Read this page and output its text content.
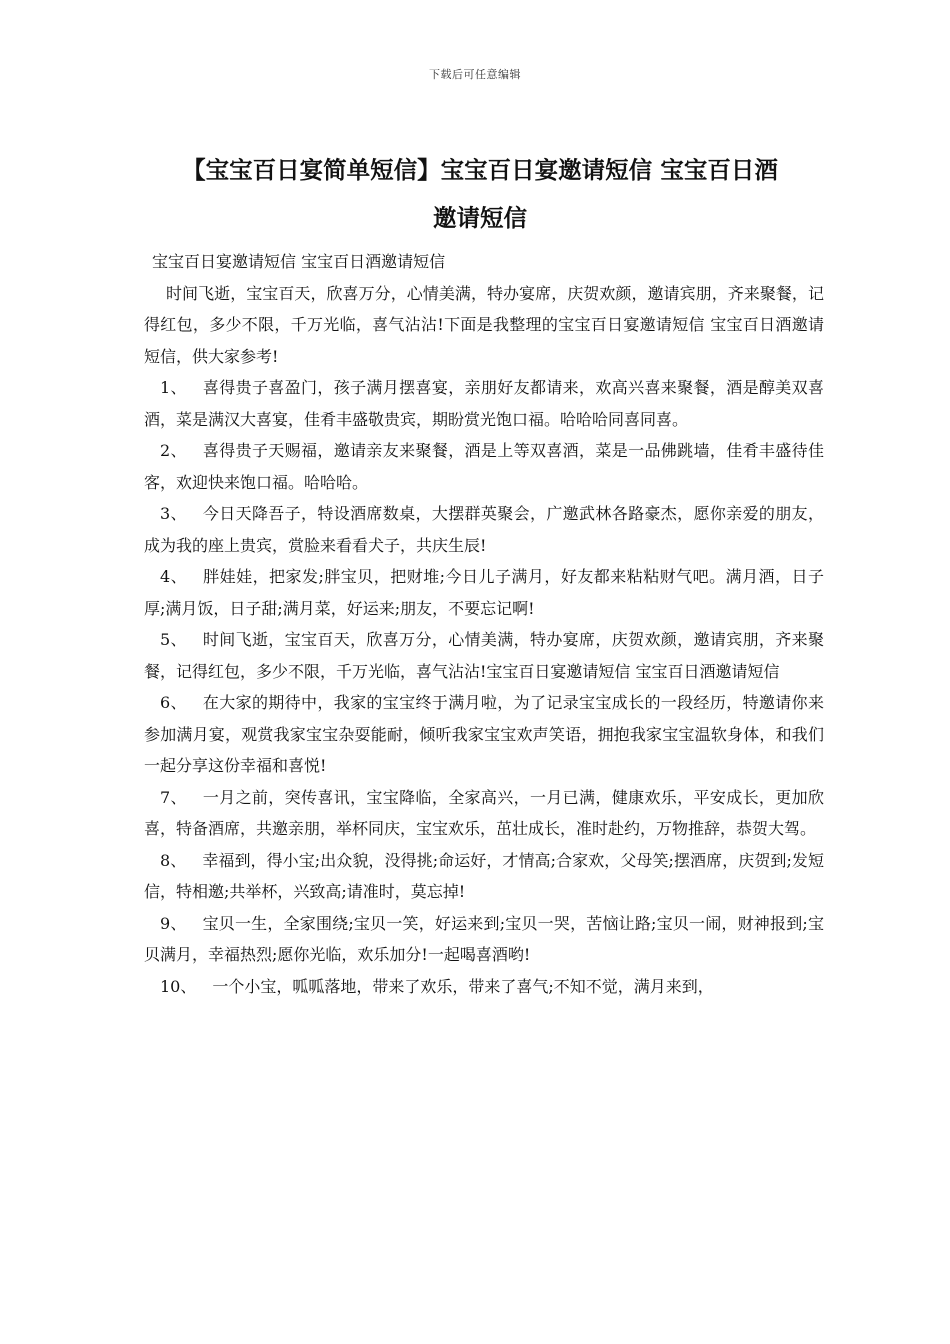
下载后可任意编辑
【宝宝百日宴简单短信】宝宝百日宴邀请短信 宝宝百日酒
邀请短信

宝宝百日宴邀请短信 宝宝百日酒邀请短信

时间飞逝，宝宝百天，欣喜万分，心情美满，特办宴席，庆贺欢颜，邀请宾朋，齐来聚餐，记得红包，多少不限，千万光临，喜气沾沾!下面是我整理的宝宝百日宴邀请短信 宝宝百日酒邀请短信，供大家参考!

1、 喜得贵子喜盈门，孩子满月摆喜宴，亲朋好友都请来，欢高兴喜来聚餐，酒是醇美双喜酒，菜是满汉大喜宴，佳肴丰盛敬贵宾，期盼赏光饱口福。哈哈哈同喜同喜。

2、 喜得贵子天赐福，邀请亲友来聚餐，酒是上等双喜酒，菜是一品佛跳墙，佳肴丰盛待佳客，欢迎快来饱口福。哈哈哈。

3、 今日天降吾子，特设酒席数桌，大摆群英聚会，广邀武林各路豪杰，愿你亲爱的朋友，成为我的座上贵宾，赏脸来看看犬子，共庆生辰!

4、 胖娃娃，把家发;胖宝贝，把财堆;今日儿子满月，好友都来粘粘财气吧。满月酒，日子厚;满月饭，日子甜;满月菜，好运来;朋友，不要忘记啊!

5、 时间飞逝，宝宝百天，欣喜万分，心情美满，特办宴席，庆贺欢颜，邀请宾朋，齐来聚餐，记得红包，多少不限，千万光临，喜气沾沾!宝宝百日宴邀请短信 宝宝百日酒邀请短信

6、 在大家的期待中，我家的宝宝终于满月啦，为了记录宝宝成长的一段经历，特邀请你来参加满月宴，观赏我家宝宝杂耍能耐，倾听我家宝宝欢声笑语，拥抱我家宝宝温软身体，和我们一起分享这份幸福和喜悦!

7、 一月之前，突传喜讯，宝宝降临，全家高兴，一月已满，健康欢乐，平安成长，更加欣喜，特备酒席，共邀亲朋，举杯同庆，宝宝欢乐，茁壮成长，准时赴约，万物推辞，恭贺大驾。

8、 幸福到，得小宝;出众貌，没得挑;命运好，才情高;合家欢，父母笑;摆酒席，庆贺到;发短信，特相邀;共举杯，兴致高;请准时，莫忘掉!

9、 宝贝一生，全家围绕;宝贝一笑，好运来到;宝贝一哭，苦恼让路;宝贝一闹，财神报到;宝贝满月，幸福热烈;愿你光临，欢乐加分!一起喝喜酒哟!

10、 一个小宝，呱呱落地，带来了欢乐，带来了喜气;不知不觉，满月来到，
